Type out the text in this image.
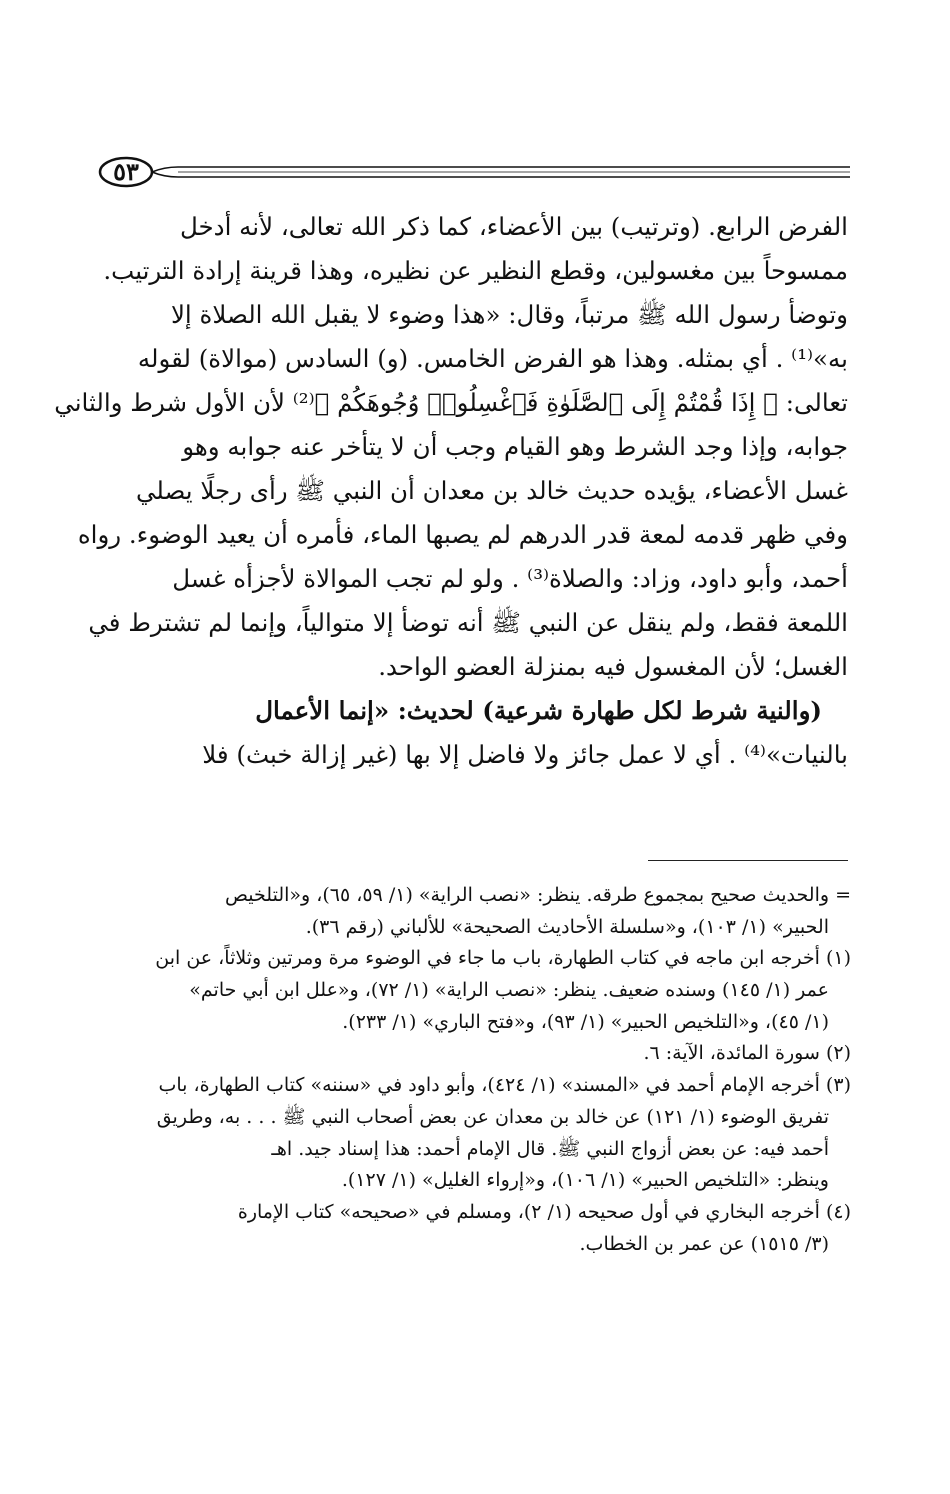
٥٣
الفرض الرابع. (وترتيب) بين الأعضاء، كما ذكر الله تعالى، لأنه أدخل
ممسوحاً بين مغسولين، وقطع النظير عن نظيره، وهذا قرينة إرادة الترتيب.
وتوضأ رسول الله ﷺ مرتباً، وقال: «هذا وضوء لا يقبل الله الصلاة إلا
به»⁽¹⁾ . أي بمثله. وهذا هو الفرض الخامس. (و) السادس (موالاة) لقوله
تعالى: ﴿ إِذَا قُمْتُمْ إِلَى ٱلصَّلَوٰةِ فَٱغْسِلُوا۟ وُجُوهَكُمْ ﴾⁽²⁾ لأن الأول شرط والثاني
جوابه، وإذا وجد الشرط وهو القيام وجب أن لا يتأخر عنه جوابه وهو
غسل الأعضاء، يؤيده حديث خالد بن معدان أن النبي ﷺ رأى رجلًا يصلي
وفي ظهر قدمه لمعة قدر الدرهم لم يصبها الماء، فأمره أن يعيد الوضوء. رواه
أحمد، وأبو داود، وزاد: والصلاة⁽³⁾ . ولو لم تجب الموالاة لأجزأه غسل
اللمعة فقط، ولم ينقل عن النبي ﷺ أنه توضأ إلا متوالياً، وإنما لم تشترط في
الغسل؛ لأن المغسول فيه بمنزلة العضو الواحد.
(والنية شرط لكل طهارة شرعية) لحديث: «إنما الأعمال
بالنيات»⁽⁴⁾ . أي لا عمل جائز ولا فاضل إلا بها (غير إزالة خبث) فلا
= والحديث صحيح بمجموع طرقه. ينظر: «نصب الراية» (١/ ٥٩، ٦٥)، و«التلخيص
الحبير» (١/ ١٠٣)، و«سلسلة الأحاديث الصحيحة» للألباني (رقم ٣٦).
(١) أخرجه ابن ماجه في كتاب الطهارة، باب ما جاء في الوضوء مرة ومرتين وثلاثاً، عن ابن
عمر (١/ ١٤٥) وسنده ضعيف. ينظر: «نصب الراية» (١/ ٧٢)، و«علل ابن أبي حاتم»
(١/ ٤٥)، و«التلخيص الحبير» (١/ ٩٣)، و«فتح الباري» (١/ ٢٣٣).
(٢) سورة المائدة، الآية: ٦.
(٣) أخرجه الإمام أحمد في «المسند» (١/ ٤٢٤)، وأبو داود في «سننه» كتاب الطهارة، باب
تفريق الوضوء (١/ ١٢١) عن خالد بن معدان عن بعض أصحاب النبي ﷺ . . . به، وطريق
أحمد فيه: عن بعض أزواج النبي ﷺ. قال الإمام أحمد: هذا إسناد جيد. اهـ
وينظر: «التلخيص الحبير» (١/ ١٠٦)، و«إرواء الغليل» (١/ ١٢٧).
(٤) أخرجه البخاري في أول صحيحه (١/ ٢)، ومسلم في «صحيحه» كتاب الإمارة
(٣/ ١٥١٥) عن عمر بن الخطاب.
